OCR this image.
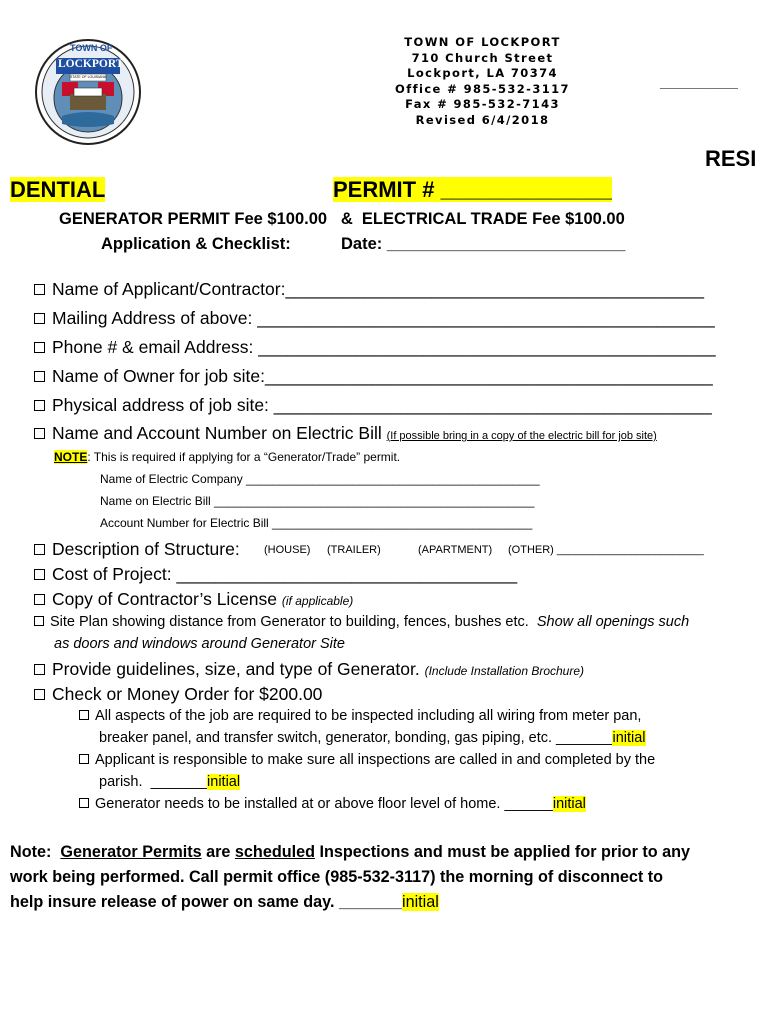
TOWN OF
LOCKPORT
STATE OF LOUISIANA
TOWN OF LOCKPORT
710 Church Street
Lockport, LA 70374
Office # 985-532-3117
Fax # 985-532-7143
Revised 6/4/2018
__________
RESI
DENTIAL	PERMIT # ______________
GENERATOR PERMIT Fee $100.00   &  ELECTRICAL TRADE Fee $100.00
Application & Checklist:	Date: __________________________
Name of Applicant/Contractor:___________________________________________
Mailing Address of above: _______________________________________________
Phone # & email Address: _______________________________________________
Name of Owner for job site:______________________________________________
Physical address of job site: _____________________________________________
Name and Account Number on Electric Bill (If possible bring in a copy of the electric bill for job site)
NOTE: This is required if applying for a “Generator/Trade” permit.
Name of Electric Company ____________________________________________
Name on Electric Bill ________________________________________________
Account Number for Electric Bill _______________________________________
Description of Structure: (HOUSE) (TRAILER)	(APARTMENT) (OTHER) ________________________
Cost of Project: ___________________________________
Copy of Contractor’s License (if applicable)
Site Plan showing distance from Generator to building, fences, bushes etc.  Show all openings such
as doors and windows around Generator Site
Provide guidelines, size, and type of Generator. (Include Installation Brochure)
Check or Money Order for $200.00
All aspects of the job are required to be inspected including all wiring from meter pan,
breaker panel, and transfer switch, generator, bonding, gas piping, etc. _______initial
Applicant is responsible to make sure all inspections are called in and completed by the
parish.  _______initial
Generator needs to be installed at or above floor level of home. ______initial
Note:  Generator Permits are scheduled Inspections and must be applied for prior to any
work being performed. Call permit office (985-532-3117) the morning of disconnect to
help insure release of power on same day. _______initial
